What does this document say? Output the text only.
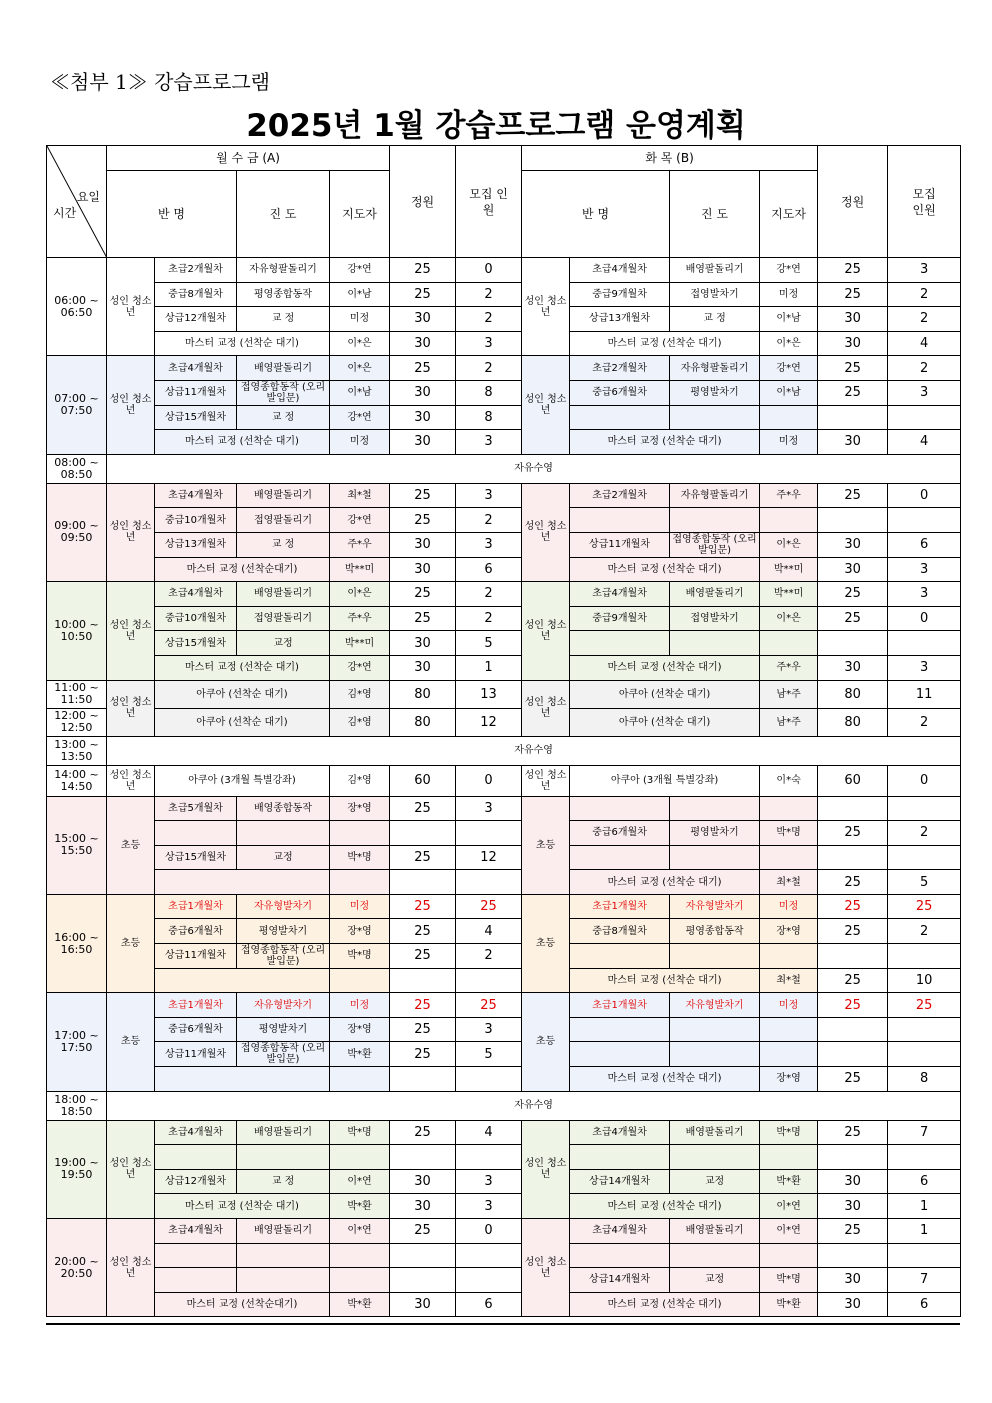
≪첨부 1≫ 강습프로그램
2025년 1월 강습프로그램 운영계획
요일
시간	월 수 금 (A)				정원	모집 인원	화 목 (B)				정원	모집 인원
	반 명		진 도	지도자			반 명		진 도	지도자		
06:00 ~ 06:50	성인 청소년	초급2개월차	자유형팔돌리기	강*연	25	0	성인 청소년	초급4개월차	배영팔돌리기	강*연	25	3
		중급8개월차	평영종합동작	이*남	25	2		중급9개월차	접영발차기	미정	25	2
		상급12개월차	교 정	미정	30	2		상급13개월차	교 정	이*남	30	2
		마스터 교정 (선착순 대기)		이*은	30	3		마스터 교정 (선착순 대기)		이*은	30	4
07:00 ~ 07:50	성인 청소년	초급4개월차	배영팔돌리기	이*은	25	2	성인 청소년	초급2개월차	자유형팔돌리기	강*연	25	2
		상급11개월차	접영종합동작 (오리발입문)	이*남	30	8		중급6개월차	평영발차기	이*남	25	3
		상급15개월차	교 정	강*연	30	8						
		마스터 교정 (선착순 대기)		미정	30	3		마스터 교정 (선착순 대기)		미정	30	4
08:00 ~ 08:50	자유수영											
09:00 ~ 09:50	성인 청소년	초급4개월차	배영팔돌리기	최*철	25	3	성인 청소년	초급2개월차	자유형팔돌리기	주*우	25	0
		중급10개월차	접영팔돌리기	강*연	25	2						
		상급13개월차	교 정	주*우	30	3		상급11개월차	접영종합동작 (오리발입문)	이*은	30	6
		마스터 교정 (선착순대기)		박**미	30	6		마스터 교정 (선착순 대기)		박**미	30	3
10:00 ~ 10:50	성인 청소년	초급4개월차	배영팔돌리기	이*은	25	2	성인 청소년	초급4개월차	배영팔돌리기	박**미	25	3
		중급10개월차	접영팔돌리기	주*우	25	2		중급9개월차	접영발차기	이*은	25	0
		상급15개월차	교정	박**미	30	5						
		마스터 교정 (선착순 대기)		강*연	30	1		마스터 교정 (선착순 대기)		주*우	30	3
11:00 ~ 11:50	성인 청소년	아쿠아 (선착순 대기)		김*영	80	13	성인 청소년	아쿠아 (선착순 대기)		남*주	80	11
12:00 ~ 12:50		아쿠아 (선착순 대기)		김*영	80	12		아쿠아 (선착순 대기)		남*주	80	2
13:00 ~ 13:50	자유수영											
14:00 ~ 14:50	성인 청소년	아쿠아 (3개월 특별강좌)		김*영	60	0	성인 청소년	아쿠아 (3개월 특별강좌)		이*숙	60	0
15:00 ~ 15:50	초등	초급5개월차	배영종합동작	장*영	25	3	초등					
								중급6개월차	평영발차기	박*명	25	2
		상급15개월차	교정	박*명	25	12						
								마스터 교정 (선착순 대기)		최*철	25	5
16:00 ~ 16:50	초등	초급1개월차	자유형발차기	미정	25	25	초등	초급1개월차	자유형발차기	미정	25	25
		중급6개월차	평영발차기	장*영	25	4		중급8개월차	평영종합동작	장*영	25	2
		상급11개월차	접영종합동작 (오리발입문)	박*명	25	2						
								마스터 교정 (선착순 대기)		최*철	25	10
17:00 ~ 17:50	초등	초급1개월차	자유형발차기	미정	25	25	초등	초급1개월차	자유형발차기	미정	25	25
		중급6개월차	평영발차기	장*영	25	3						
		상급11개월차	접영종합동작 (오리발입문)	박*환	25	5						
								마스터 교정 (선착순 대기)		장*영	25	8
18:00 ~ 18:50	자유수영											
19:00 ~ 19:50	성인 청소년	초급4개월차	배영팔돌리기	박*명	25	4	성인 청소년	초급4개월차	배영팔돌리기	박*명	25	7

		상급12개월차	교 정	이*연	30	3		상급14개월차	교정	박*환	30	6
		마스터 교정 (선착순 대기)		박*환	30	3		마스터 교정 (선착순 대기)		이*연	30	1
20:00 ~ 20:50	성인 청소년	초급4개월차	배영팔돌리기	이*연	25	0	성인 청소년	초급4개월차	배영팔돌리기	이*연	25	1

								상급14개월차	교정	박*명	30	7
		마스터 교정 (선착순대기)		박*환	30	6		마스터 교정 (선착순 대기)		박*환	30	6
